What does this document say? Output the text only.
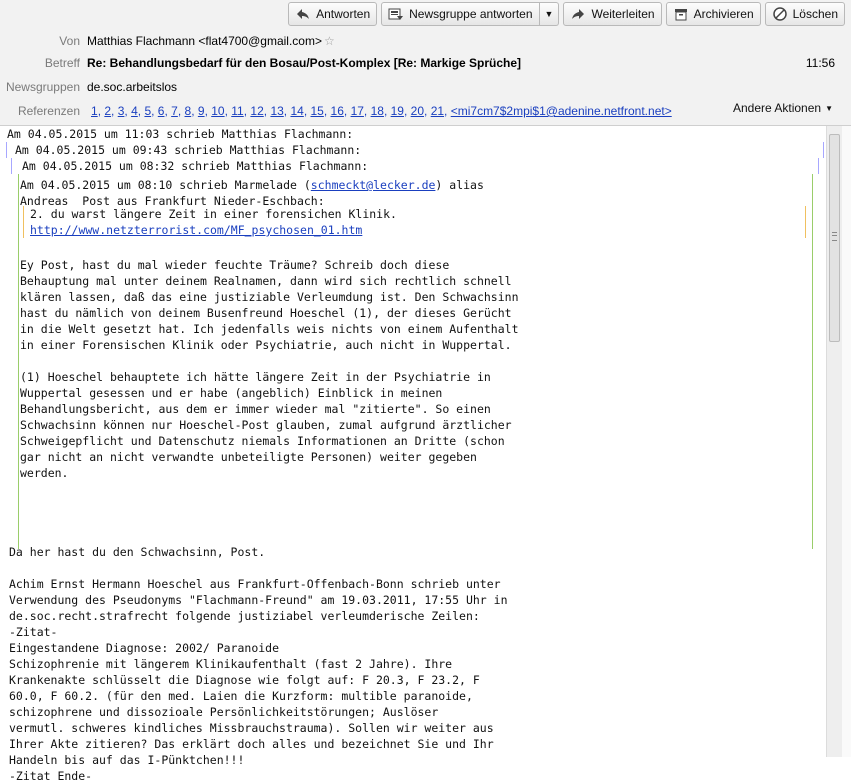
Antworten	Newsgruppe antworten ▼	Weiterleiten	Archivieren	Löschen
Von Matthias Flachmann <flat4700@gmail.com> ☆
Betreff Re: Behandlungsbedarf für den Bosau/Post-Komplex [Re: Markige Sprüche]	11:56
Newsgruppen de.soc.arbeitslos
Referenzen 1, 2, 3, 4, 5, 6, 7, 8, 9, 10, 11, 12, 13, 14, 15, 16, 17, 18, 19, 20, 21, <mi7cm7$2mpi$1@adenine.netfront.net>	Andere Aktionen ▼
Am 04.05.2015 um 11:03 schrieb Matthias Flachmann:
Am 04.05.2015 um 09:43 schrieb Matthias Flachmann:
Am 04.05.2015 um 08:32 schrieb Matthias Flachmann:
Am 04.05.2015 um 08:10 schrieb Marmelade (schmeckt@lecker.de) alias
Andreas  Post aus Frankfurt Nieder-Eschbach:
2. du warst längere Zeit in einer forensichen Klinik.
http://www.netzterrorist.com/MF_psychosen_01.htm
Ey Post, hast du mal wieder feuchte Träume? Schreib doch diese
Behauptung mal unter deinem Realnamen, dann wird sich rechtlich schnell
klären lassen, daß das eine justiziable Verleumdung ist. Den Schwachsinn
hast du nämlich von deinem Busenfreund Hoeschel (1), der dieses Gerücht
in die Welt gesetzt hat. Ich jedenfalls weis nichts von einem Aufenthalt
in einer Forensischen Klinik oder Psychiatrie, auch nicht in Wuppertal.
(1) Hoeschel behauptete ich hätte längere Zeit in der Psychiatrie in
Wuppertal gesessen und er habe (angeblich) Einblick in meinen
Behandlungsbericht, aus dem er immer wieder mal "zitierte". So einen
Schwachsinn können nur Hoeschel-Post glauben, zumal aufgrund ärztlicher
Schweigepflicht und Datenschutz niemals Informationen an Dritte (schon
gar nicht an nicht verwandte unbeteiligte Personen) weiter gegeben
werden.
Da her hast du den Schwachsinn, Post.
Achim Ernst Hermann Hoeschel aus Frankfurt-Offenbach-Bonn schrieb unter
Verwendung des Pseudonyms "Flachmann-Freund" am 19.03.2011, 17:55 Uhr in
de.soc.recht.strafrecht folgende justiziabel verleumderische Zeilen:
-Zitat-
Eingestandene Diagnose: 2002/ Paranoide
Schizophrenie mit längerem Klinikaufenthalt (fast 2 Jahre). Ihre
Krankenakte schlüsselt die Diagnose wie folgt auf: F 20.3, F 23.2, F
60.0, F 60.2. (für den med. Laien die Kurzform: multible paranoide,
schizophrene und dissozioale Persönlichkeitstörungen; Auslöser
vermutl. schweres kindliches Missbrauchstrauma). Sollen wir weiter aus
Ihrer Akte zitieren? Das erklärt doch alles und bezeichnet Sie und Ihr
Handeln bis auf das I-Pünktchen!!!
-Zitat Ende-
